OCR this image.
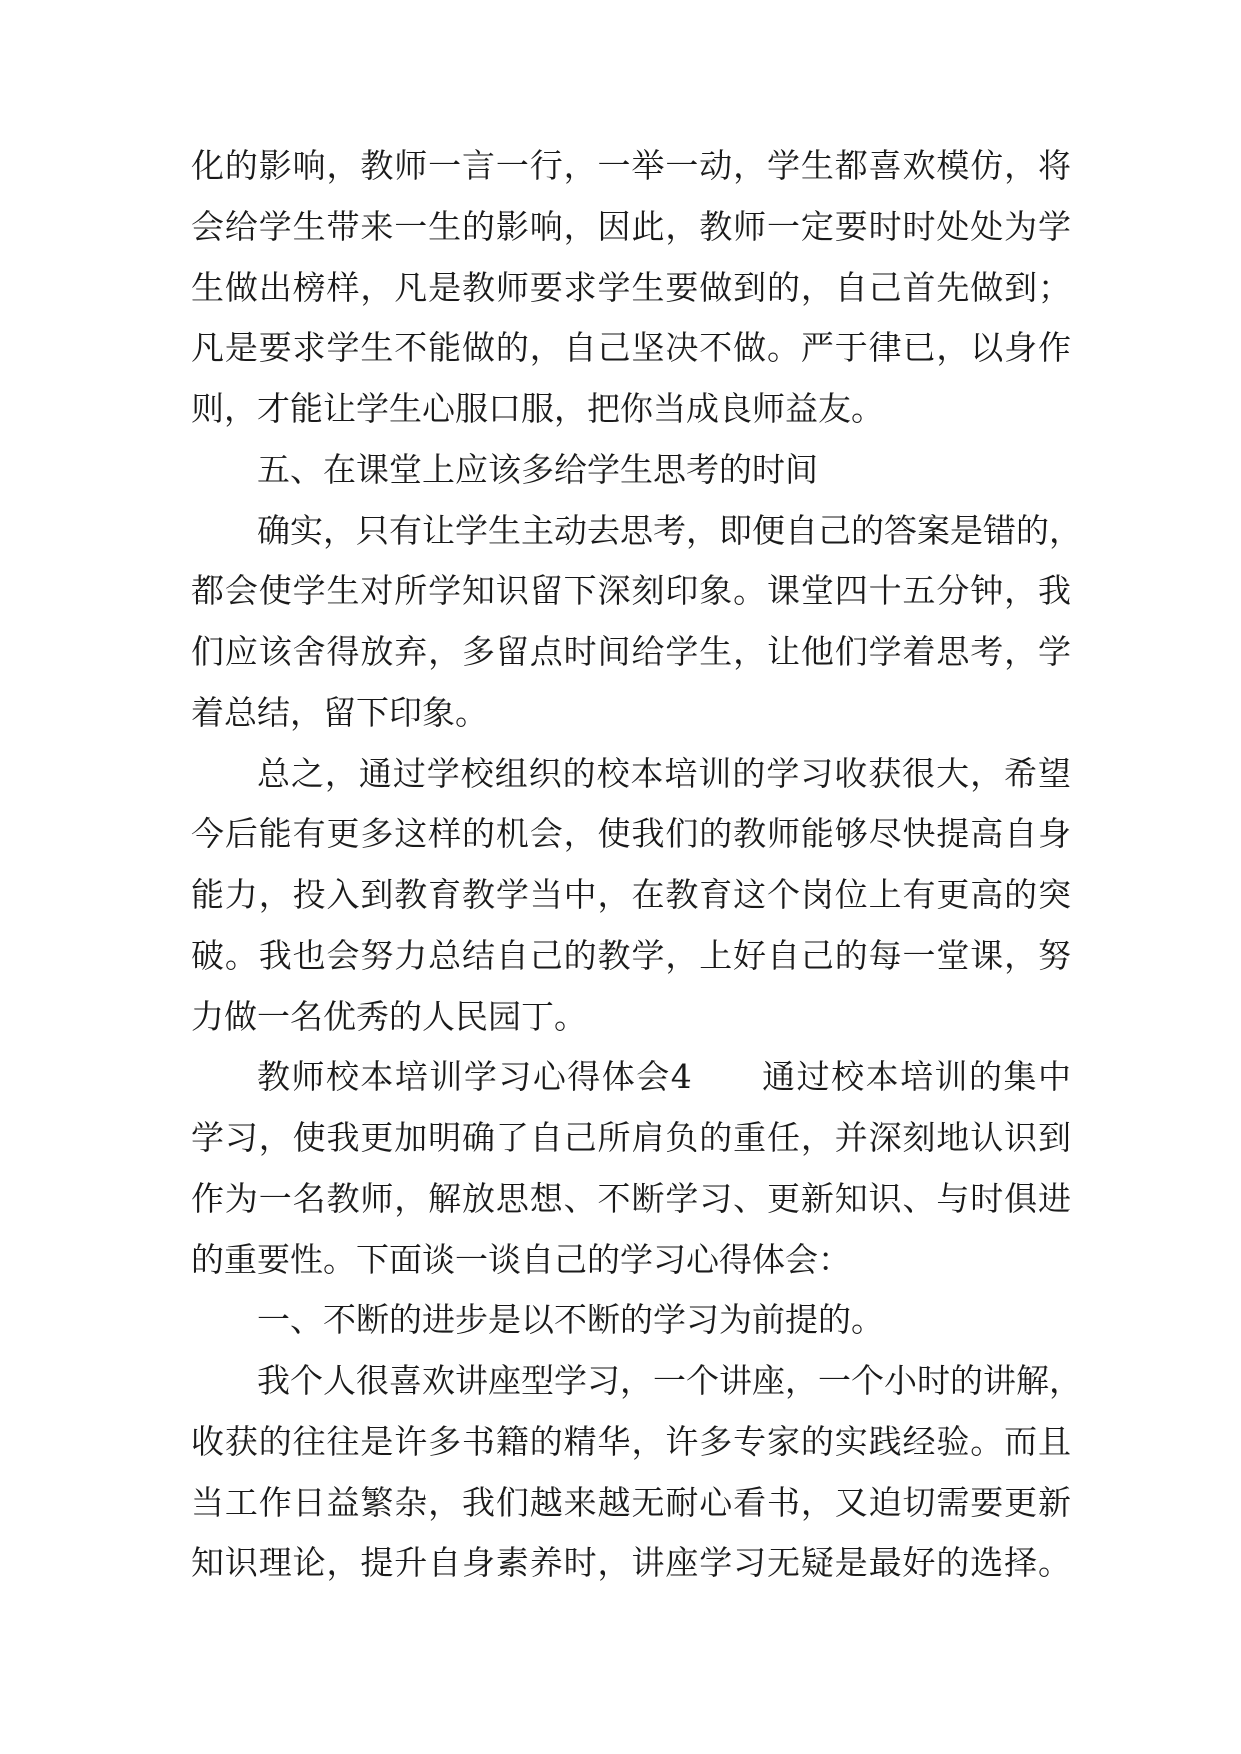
化的影响，教师一言一行，一举一动，学生都喜欢模仿，将
会给学生带来一生的影响，因此，教师一定要时时处处为学
生做出榜样，凡是教师要求学生要做到的，自己首先做到；
凡是要求学生不能做的，自己坚决不做。严于律已，以身作
则，才能让学生心服口服，把你当成良师益友。
五、在课堂上应该多给学生思考的时间
确实，只有让学生主动去思考，即便自己的答案是错的，
都会使学生对所学知识留下深刻印象。课堂四十五分钟，我
们应该舍得放弃，多留点时间给学生，让他们学着思考，学
着总结，留下印象。
总之，通过学校组织的校本培训的学习收获很大，希望
今后能有更多这样的机会，使我们的教师能够尽快提高自身
能力，投入到教育教学当中，在教育这个岗位上有更高的突
破。我也会努力总结自己的教学，上好自己的每一堂课，努
力做一名优秀的人民园丁。
教师校本培训学习心得体会4　　通过校本培训的集中
学习，使我更加明确了自己所肩负的重任，并深刻地认识到
作为一名教师，解放思想、不断学习、更新知识、与时俱进
的重要性。下面谈一谈自己的学习心得体会：
一、不断的进步是以不断的学习为前提的。
我个人很喜欢讲座型学习，一个讲座，一个小时的讲解，
收获的往往是许多书籍的精华，许多专家的实践经验。而且
当工作日益繁杂，我们越来越无耐心看书，又迫切需要更新
知识理论，提升自身素养时，讲座学习无疑是最好的选择。
